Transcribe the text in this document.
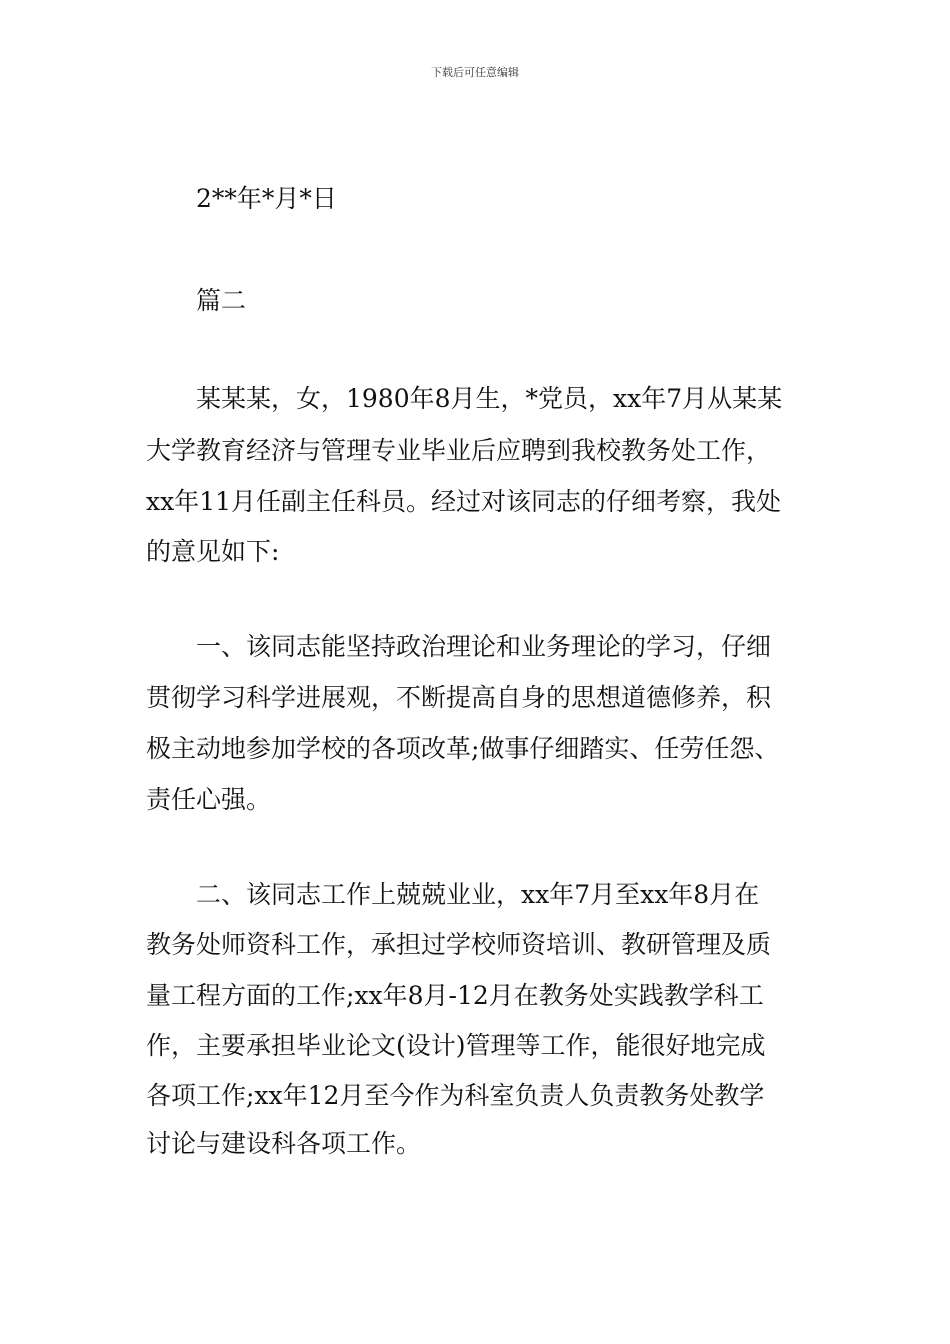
下载后可任意编辑
2**年*月*日
篇二
某某某，女，1980年8月生，*党员，xx年7月从某某
大学教育经济与管理专业毕业后应聘到我校教务处工作，
xx年11月任副主任科员。经过对该同志的仔细考察，我处
的意见如下:
一、该同志能坚持政治理论和业务理论的学习，仔细
贯彻学习科学进展观，不断提高自身的思想道德修养，积
极主动地参加学校的各项改革;做事仔细踏实、任劳任怨、
责任心强。
二、该同志工作上兢兢业业，xx年7月至xx年8月在
教务处师资科工作，承担过学校师资培训、教研管理及质
量工程方面的工作;xx年8月-12月在教务处实践教学科工
作，主要承担毕业论文(设计)管理等工作，能很好地完成
各项工作;xx年12月至今作为科室负责人负责教务处教学
讨论与建设科各项工作。
